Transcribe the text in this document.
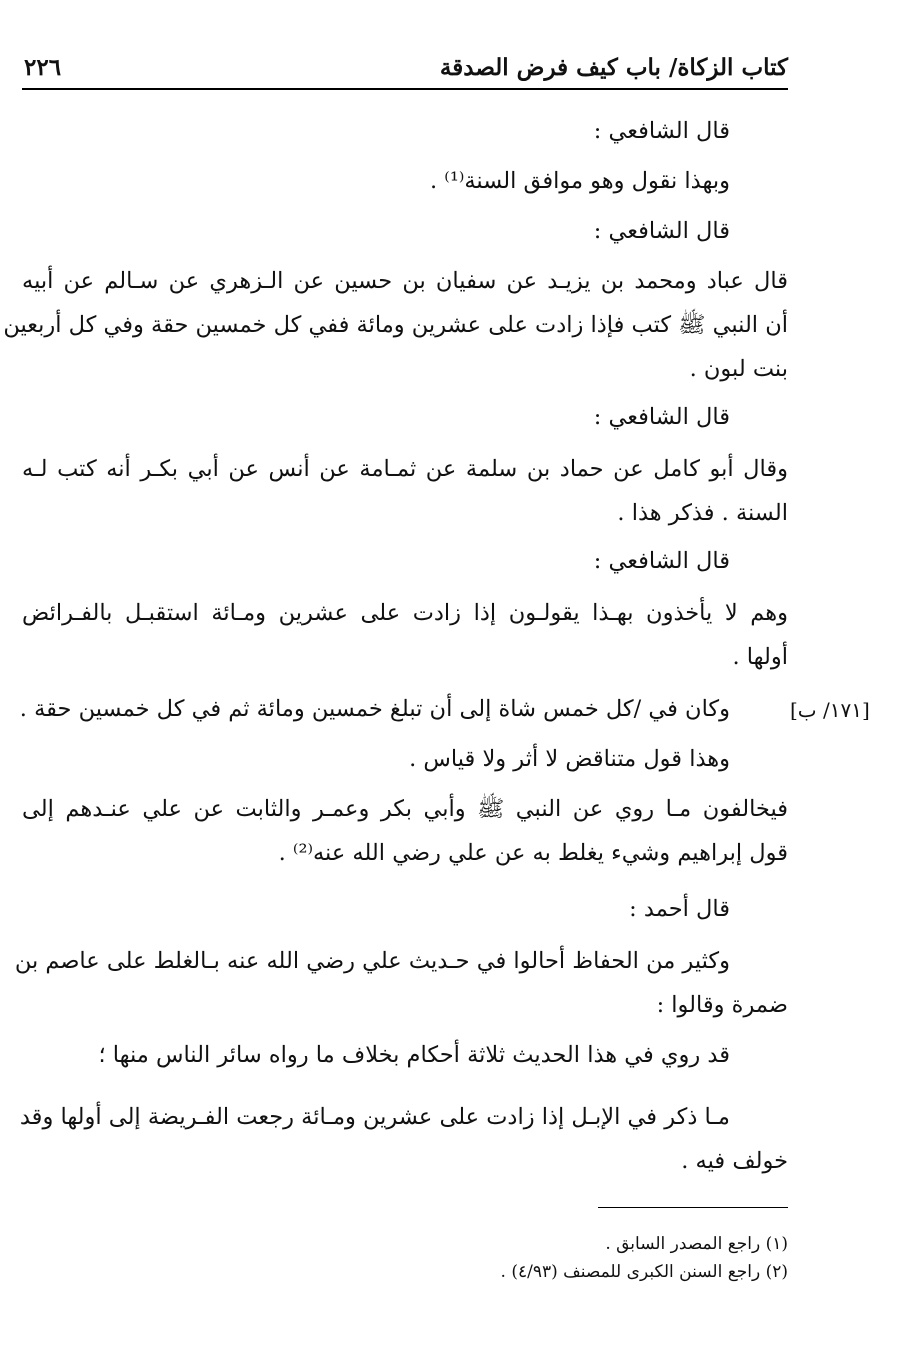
كتاب الزكاة/ باب كيف فرض الصدقة
٢٢٦
قال الشافعي :
وبهذا نقول وهو موافق السنة⁽¹⁾ .
قال الشافعي :
قال عباد ومحمد بن يزيـد عن سفيان بن حسين عن الـزهري عن سـالم عن أبيه
أن النبي ﷺ كتب فإذا زادت على عشرين ومائة ففي كل خمسين حقة وفي كل أربعين
بنت لبون .
قال الشافعي :
وقال أبو كامل عن حماد بن سلمة عن ثمـامة عن أنس عن أبي بكـر أنه كتب لـه
السنة . فذكر هذا .
قال الشافعي :
وهم لا يأخذون بهـذا يقولـون إذا زادت على عشرين ومـائة استقبـل بالفـرائض
أولها .
[١٧١/ ب]
وكان في /كل خمس شاة إلى أن تبلغ خمسين ومائة ثم في كل خمسين حقة .
وهذا قول متناقض لا أثر ولا قياس .
فيخالفون مـا روي عن النبي ﷺ وأبي بكر وعمـر والثابت عن علي عنـدهم إلى
قول إبراهيم وشيء يغلط به عن علي رضي الله عنه⁽²⁾ .
قال أحمد :
وكثير من الحفاظ أحالوا في حـديث علي رضي الله عنه بـالغلط على عاصم بن
ضمرة وقالوا :
قد روي في هذا الحديث ثلاثة أحكام بخلاف ما رواه سائر الناس منها ؛
مـا ذكر في الإبـل إذا زادت على عشرين ومـائة رجعت الفـريضة إلى أولها وقد
خولف فيه .
(١) راجع المصدر السابق .
(٢) راجع السنن الكبرى للمصنف (٤/٩٣) .
